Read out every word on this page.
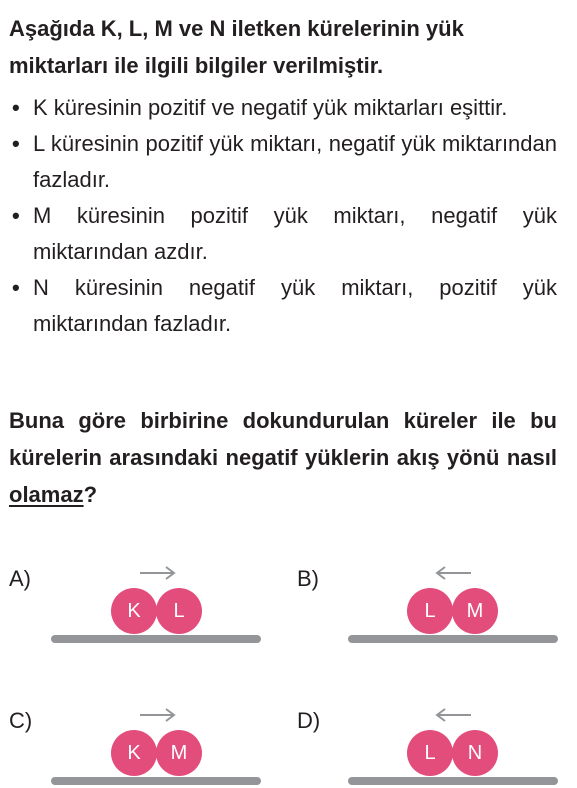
Aşağıda K, L, M ve N iletken kürelerinin yük
miktarları ile ilgili bilgiler verilmiştir.

• K küresinin pozitif ve negatif yük miktarları eşittir.
• L küresinin pozitif yük miktarı, negatif yük miktarından fazladır.
• M küresinin pozitif yük miktarı, negatif yük miktarından azdır.
• N küresinin negatif yük miktarı, pozitif yük miktarından fazladır.

Buna göre birbirine dokundurulan küreler ile bu kürelerin arasındaki negatif yüklerin akış yönü nasıl olamaz?

A)
K	L
B)
L	M
C)
K	M
D)
L	N
